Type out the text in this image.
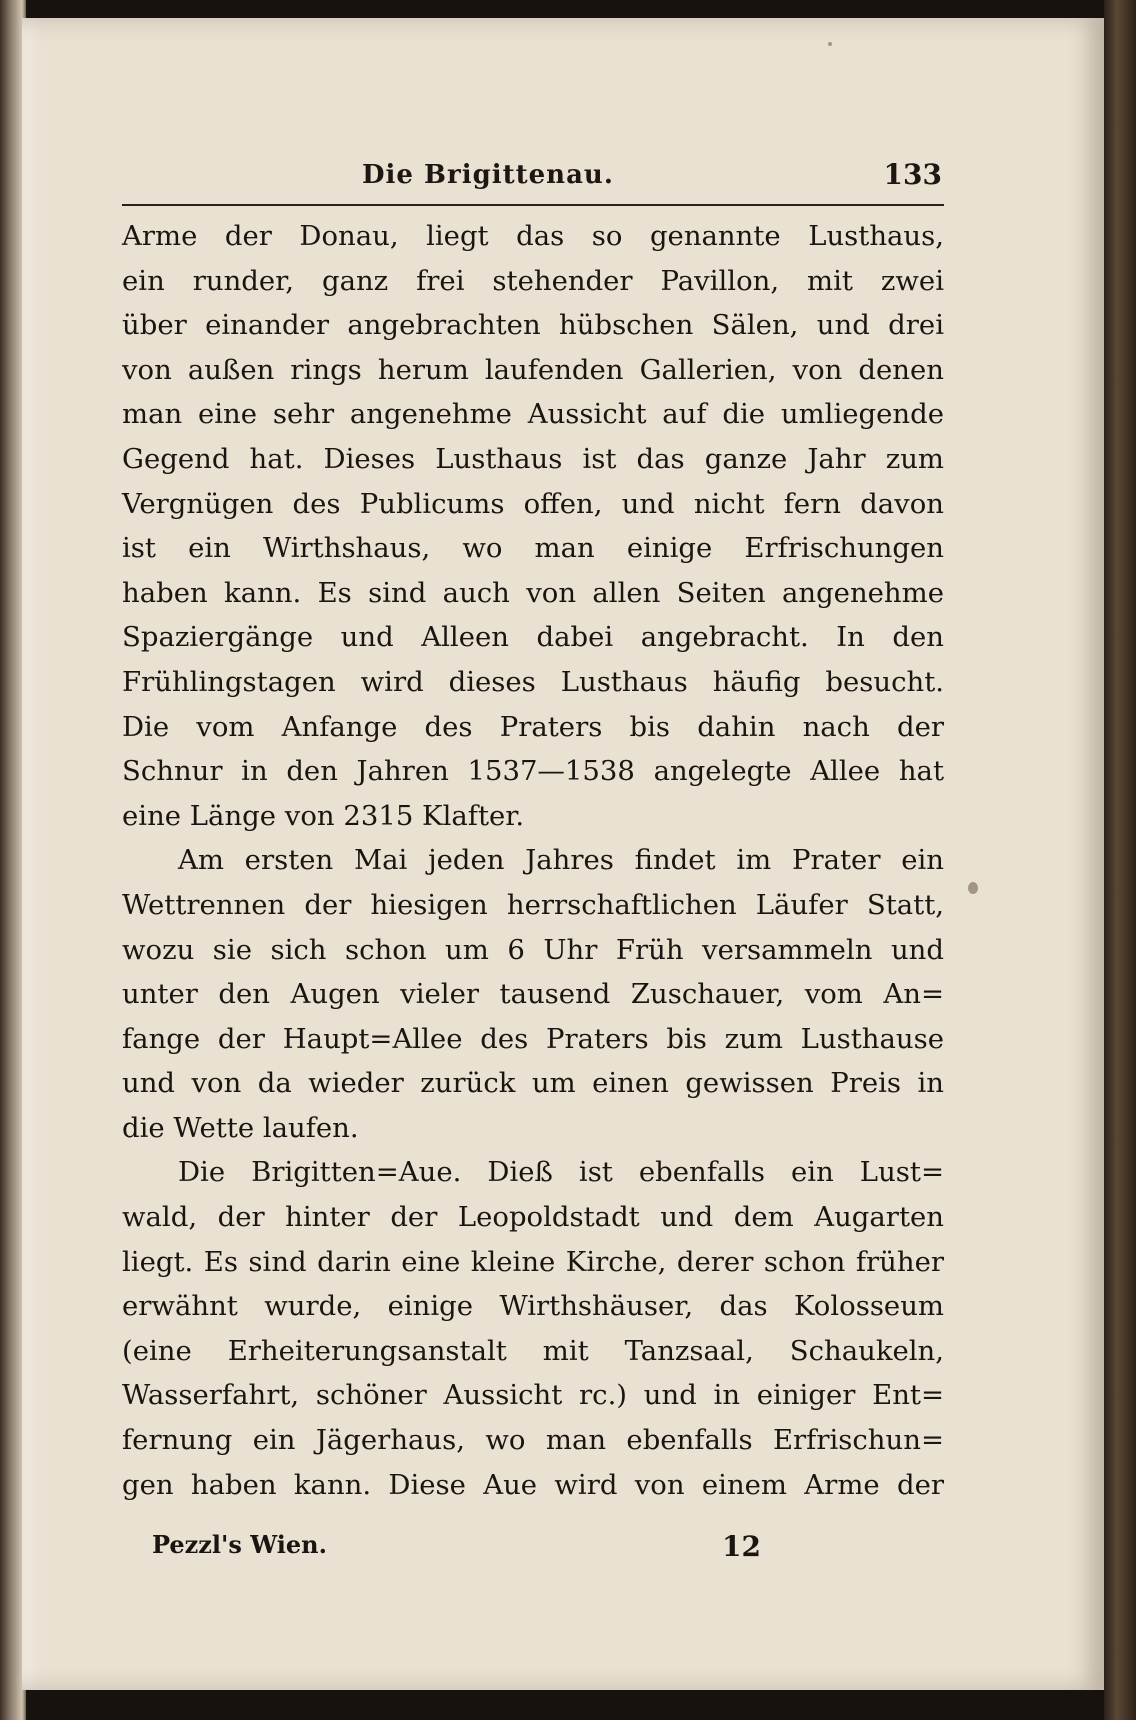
Die Brigittenau.	133
Arme der Donau, liegt das so genannte Lusthaus,
ein runder, ganz frei stehender Pavillon, mit zwei
über einander angebrachten hübschen Sälen, und drei
von außen rings herum laufenden Gallerien, von denen
man eine sehr angenehme Aussicht auf die umliegende
Gegend hat. Dieses Lusthaus ist das ganze Jahr zum
Vergnügen des Publicums offen, und nicht fern davon
ist ein Wirthshaus, wo man einige Erfrischungen
haben kann. Es sind auch von allen Seiten angenehme
Spaziergänge und Alleen dabei angebracht. In den
Frühlingstagen wird dieses Lusthaus häufig besucht.
Die vom Anfange des Praters bis dahin nach der
Schnur in den Jahren 1537—1538 angelegte Allee hat
eine Länge von 2315 Klafter.
Am ersten Mai jeden Jahres findet im Prater ein
Wettrennen der hiesigen herrschaftlichen Läufer Statt,
wozu sie sich schon um 6 Uhr Früh versammeln und
unter den Augen vieler tausend Zuschauer, vom An=
fange der Haupt=Allee des Praters bis zum Lusthause
und von da wieder zurück um einen gewissen Preis in
die Wette laufen.
Die Brigitten=Aue. Dieß ist ebenfalls ein Lust=
wald, der hinter der Leopoldstadt und dem Augarten
liegt. Es sind darin eine kleine Kirche, derer schon früher
erwähnt wurde, einige Wirthshäuser, das Kolosseum
(eine Erheiterungsanstalt mit Tanzsaal, Schaukeln,
Wasserfahrt, schöner Aussicht rc.) und in einiger Ent=
fernung ein Jägerhaus, wo man ebenfalls Erfrischun=
gen haben kann. Diese Aue wird von einem Arme der
Pezzl's Wien.	12
